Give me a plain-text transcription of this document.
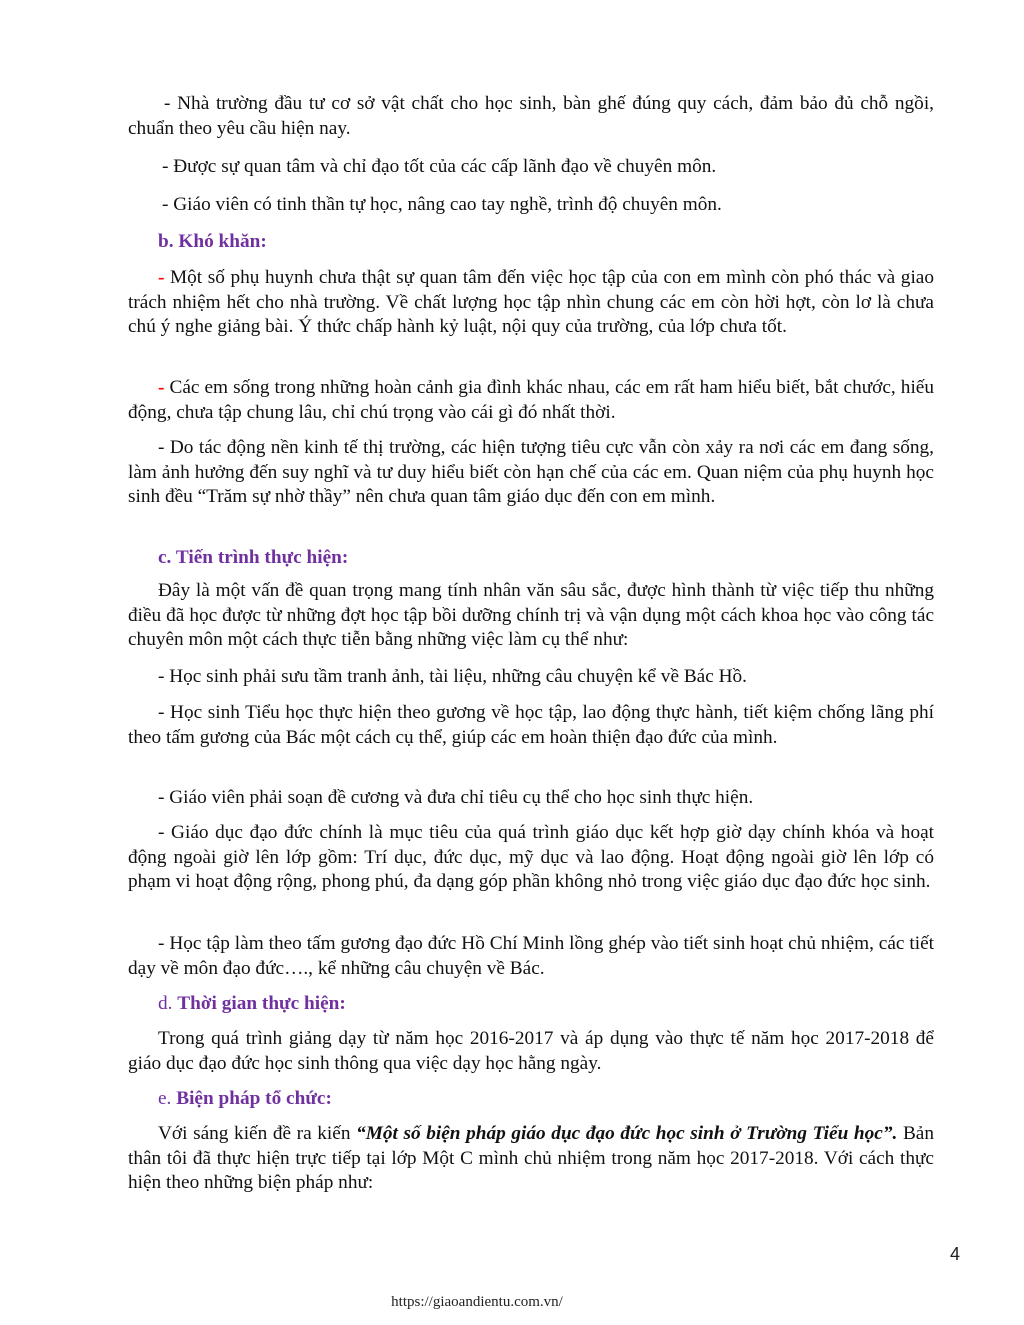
- Nhà trường đầu tư cơ sở vật chất cho học sinh, bàn ghế đúng quy cách, đảm bảo đủ chỗ ngồi, chuẩn theo yêu cầu hiện nay.

- Được sự quan tâm và chỉ đạo tốt của các cấp lãnh đạo về chuyên môn.

- Giáo viên có tinh thần tự học, nâng cao tay nghề, trình độ chuyên môn.

b. Khó khăn:

- Một số phụ huynh chưa thật sự quan tâm đến việc học tập của con em mình còn phó thác và giao trách nhiệm hết cho nhà trường. Về chất lượng học tập nhìn chung các em còn hời hợt, còn lơ là chưa chú ý nghe giảng bài. Ý thức chấp hành kỷ luật, nội quy của trường, của lớp chưa tốt.

- Các em sống trong những hoàn cảnh gia đình khác nhau, các em rất ham hiểu biết, bắt chước, hiếu động, chưa tập chung lâu, chỉ chú trọng vào cái gì đó nhất thời.

- Do tác động nền kinh tế thị trường, các hiện tượng tiêu cực vẫn còn xảy ra nơi các em đang sống, làm ảnh hưởng đến suy nghĩ và tư duy hiểu biết còn hạn chế của các em. Quan niệm của phụ huynh học sinh đều “Trăm sự nhờ thầy” nên chưa quan tâm giáo dục đến con em mình.

c. Tiến trình thực hiện:

Đây là một vấn đề quan trọng mang tính nhân văn sâu sắc, được hình thành từ việc tiếp thu những điều đã học được từ những đợt học tập bồi dưỡng chính trị và vận dụng một cách khoa học vào công tác chuyên môn một cách thực tiễn bằng những việc làm cụ thể như:

- Học sinh phải sưu tầm tranh ảnh, tài liệu, những câu chuyện kể về Bác Hồ.

- Học sinh Tiểu học thực hiện theo gương về học tập, lao động thực hành, tiết kiệm chống lãng phí theo tấm gương của Bác một cách cụ thể, giúp các em hoàn thiện đạo đức của mình.

- Giáo viên phải soạn đề cương và đưa chỉ tiêu cụ thể cho học sinh thực hiện.

- Giáo dục đạo đức chính là mục tiêu của quá trình giáo dục kết hợp giờ dạy chính khóa và hoạt động ngoài giờ lên lớp gồm: Trí dục, đức dục, mỹ dục và lao động. Hoạt động ngoài giờ lên lớp có phạm vi hoạt động rộng, phong phú, đa dạng góp phần không nhỏ trong việc giáo dục đạo đức học sinh.

- Học tập làm theo tấm gương đạo đức Hồ Chí Minh lồng ghép vào tiết sinh hoạt chủ nhiệm, các tiết dạy về môn đạo đức…., kể những câu chuyện về Bác.

d. Thời gian thực hiện:

Trong quá trình giảng dạy từ năm học 2016-2017 và áp dụng vào thực tế năm học 2017-2018 để giáo dục đạo đức học sinh thông qua việc dạy học hằng ngày.

e. Biện pháp tổ chức:

Với sáng kiến đề ra kiến “Một số biện pháp giáo dục đạo đức học sinh ở Trường Tiểu học”. Bản thân tôi đã thực hiện trực tiếp tại lớp Một C mình chủ nhiệm trong năm học 2017-2018. Với cách thực hiện theo những biện pháp như:

4
https://giaoandientu.com.vn/
